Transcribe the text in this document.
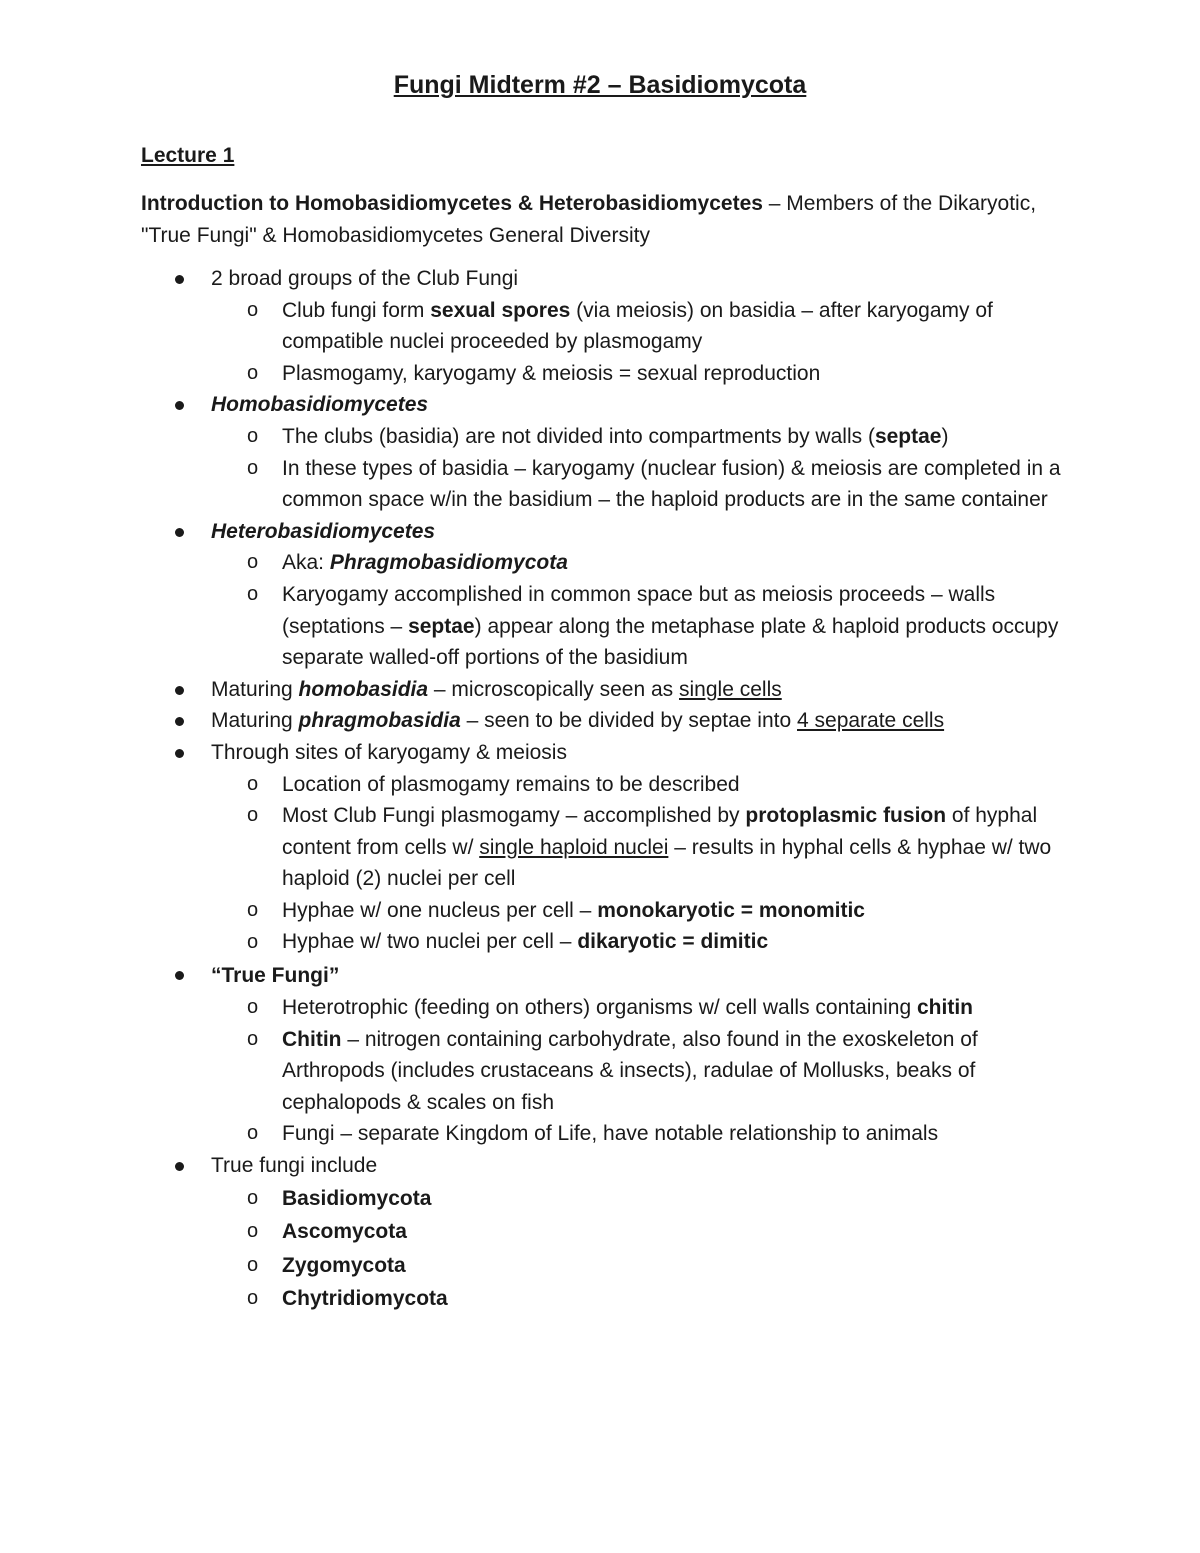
Fungi Midterm #2 – Basidiomycota
Lecture 1
Introduction to Homobasidiomycetes & Heterobasidiomycetes – Members of the Dikaryotic, "True Fungi" & Homobasidiomycetes General Diversity
2 broad groups of the Club Fungi
o Club fungi form sexual spores (via meiosis) on basidia – after karyogamy of compatible nuclei proceeded by plasmogamy
o Plasmogamy, karyogamy & meiosis = sexual reproduction
Homobasidiomycetes
o The clubs (basidia) are not divided into compartments by walls (septae)
o In these types of basidia – karyogamy (nuclear fusion) & meiosis are completed in a common space w/in the basidium – the haploid products are in the same container
Heterobasidiomycetes
o Aka: Phragmobasidiomycota
o Karyogamy accomplished in common space but as meiosis proceeds – walls (septations – septae) appear along the metaphase plate & haploid products occupy separate walled-off portions of the basidium
Maturing homobasidia – microscopically seen as single cells
Maturing phragmobasidia – seen to be divided by septae into 4 separate cells
Through sites of karyogamy & meiosis
o Location of plasmogamy remains to be described
o Most Club Fungi plasmogamy – accomplished by protoplasmic fusion of hyphal content from cells w/ single haploid nuclei – results in hyphal cells & hyphae w/ two haploid (2) nuclei per cell
o Hyphae w/ one nucleus per cell – monokaryotic = monomitic
o Hyphae w/ two nuclei per cell – dikaryotic = dimitic
“True Fungi”
o Heterotrophic (feeding on others) organisms w/ cell walls containing chitin
o Chitin – nitrogen containing carbohydrate, also found in the exoskeleton of Arthropods (includes crustaceans & insects), radulae of Mollusks, beaks of cephalopods & scales on fish
o Fungi – separate Kingdom of Life, have notable relationship to animals
True fungi include
o Basidiomycota
o Ascomycota
o Zygomycota
o Chytridiomycota
